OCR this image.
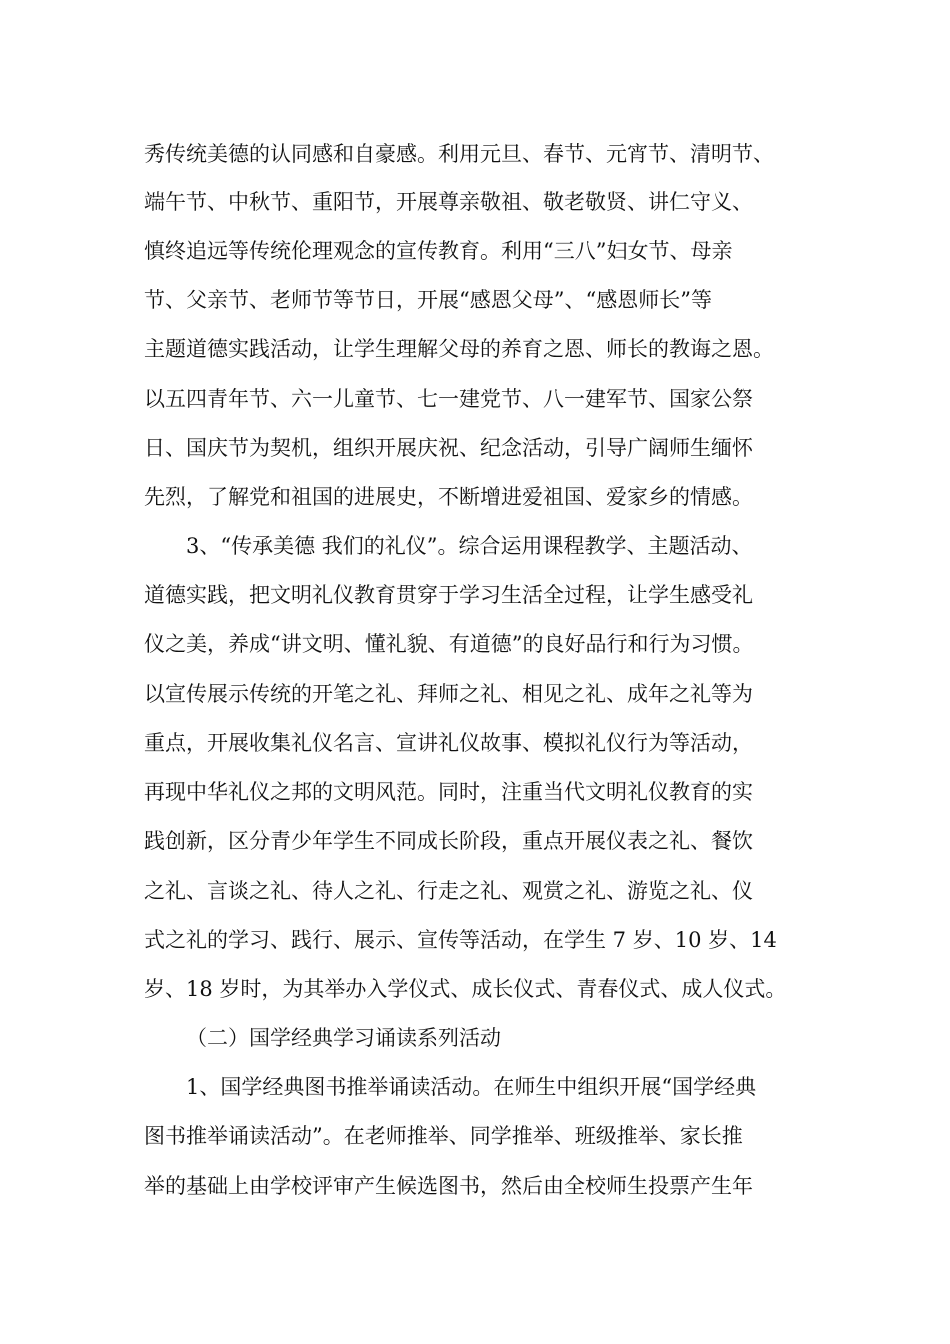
秀传统美德的认同感和自豪感。利用元旦、春节、元宵节、清明节、
端午节、中秋节、重阳节，开展尊亲敬祖、敬老敬贤、讲仁守义、
慎终追远等传统伦理观念的宣传教育。利用“三八”妇女节、母亲
节、父亲节、老师节等节日，开展“感恩父母”、“感恩师长”等
主题道德实践活动，让学生理解父母的养育之恩、师长的教诲之恩。
以五四青年节、六一儿童节、七一建党节、八一建军节、国家公祭
日、国庆节为契机，组织开展庆祝、纪念活动，引导广阔师生缅怀
先烈，了解党和祖国的进展史，不断增进爱祖国、爱家乡的情感。
3、“传承美德 我们的礼仪”。综合运用课程教学、主题活动、
道德实践，把文明礼仪教育贯穿于学习生活全过程，让学生感受礼
仪之美，养成“讲文明、懂礼貌、有道德”的良好品行和行为习惯。
以宣传展示传统的开笔之礼、拜师之礼、相见之礼、成年之礼等为
重点，开展收集礼仪名言、宣讲礼仪故事、模拟礼仪行为等活动，
再现中华礼仪之邦的文明风范。同时，注重当代文明礼仪教育的实
践创新，区分青少年学生不同成长阶段，重点开展仪表之礼、餐饮
之礼、言谈之礼、待人之礼、行走之礼、观赏之礼、游览之礼、仪
式之礼的学习、践行、展示、宣传等活动，在学生 7 岁、10 岁、14
岁、18 岁时，为其举办入学仪式、成长仪式、青春仪式、成人仪式。
（二）国学经典学习诵读系列活动
1、国学经典图书推举诵读活动。在师生中组织开展“国学经典
图书推举诵读活动”。在老师推举、同学推举、班级推举、家长推
举的基础上由学校评审产生候选图书，然后由全校师生投票产生年
